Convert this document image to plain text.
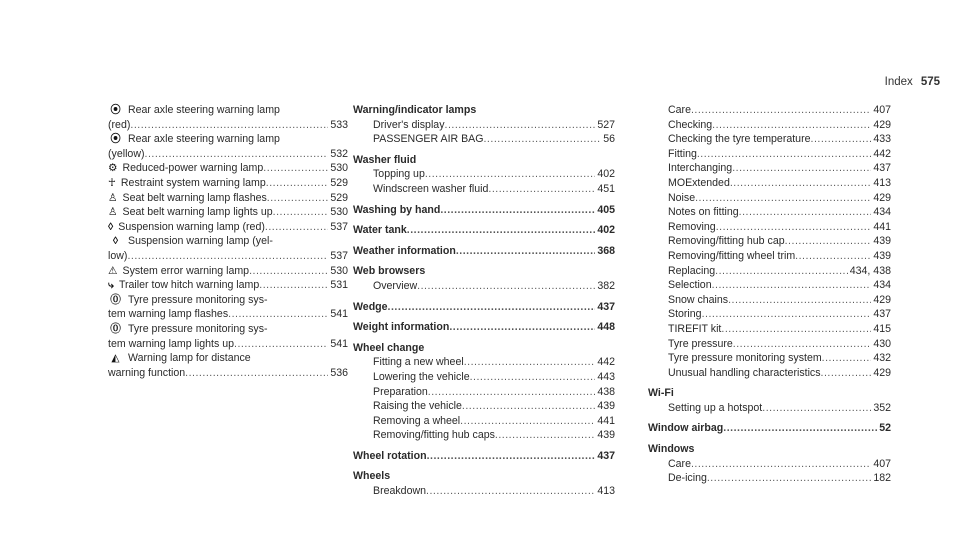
Index 575
⦿ Rear axle steering warning lamp
(red) .....	533
⦿ Rear axle steering warning lamp
(yellow) .....	532
⚙ Reduced-power warning lamp .....	530
☥ Restraint system warning lamp .....	529
♙ Seat belt warning lamp flashes .....	529
♙ Seat belt warning lamp lights up .....	530
◊ Suspension warning lamp (red) .....	537
◊ Suspension warning lamp (yel-
low) .....	537
⚠ System error warning lamp .....	530
⤷ Trailer tow hitch warning lamp .....	531
⓪ Tyre pressure monitoring sys-
tem warning lamp flashes .....	541
⓪ Tyre pressure monitoring sys-
tem warning lamp lights up .....	541
◭ Warning lamp for distance
warning function .....	536
Warning/indicator lamps
Driver's display .....	527
PASSENGER AIR BAG .....	56
Washer fluid
Topping up .....	402
Windscreen washer fluid .....	451
Washing by hand .....	405
Water tank .....	402
Weather information .....	368
Web browsers
Overview .....	382
Wedge .....	437
Weight information .....	448
Wheel change
Fitting a new wheel .....	442
Lowering the vehicle .....	443
Preparation .....	438
Raising the vehicle .....	439
Removing a wheel .....	441
Removing/fitting hub caps .....	439
Wheel rotation .....	437
Wheels
Breakdown .....	413
Care .....	407
Checking .....	429
Checking the tyre temperature .....	433
Fitting .....	442
Interchanging .....	437
MOExtended .....	413
Noise .....	429
Notes on fitting .....	434
Removing .....	441
Removing/fitting hub cap .....	439
Removing/fitting wheel trim .....	439
Replacing .....	434, 438
Selection .....	434
Snow chains .....	429
Storing .....	437
TIREFIT kit .....	415
Tyre pressure .....	430
Tyre pressure monitoring system .....	432
Unusual handling characteristics .....	429
Wi-Fi
Setting up a hotspot .....	352
Window airbag .....	52
Windows
Care .....	407
De-icing .....	182
